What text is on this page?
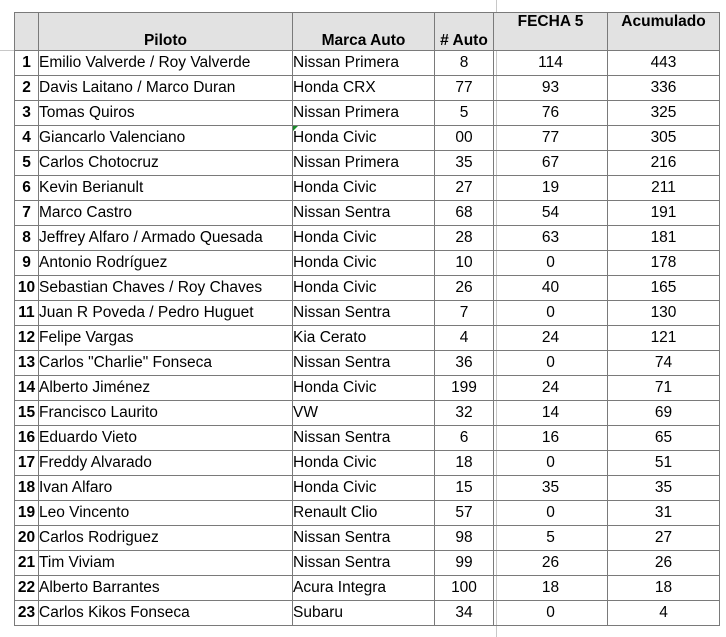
	Piloto	Marca Auto	# Auto	FECHA 5	Acumulado
1	Emilio Valverde / Roy Valverde	Nissan Primera	8	114	443
2	Davis Laitano / Marco Duran	Honda CRX	77	93	336
3	Tomas Quiros	Nissan Primera	5	76	325
4	Giancarlo Valenciano	Honda Civic	00	77	305
5	Carlos Chotocruz	Nissan Primera	35	67	216
6	Kevin Berianult	Honda Civic	27	19	211
7	Marco Castro	Nissan Sentra	68	54	191
8	Jeffrey Alfaro / Armado Quesada	Honda Civic	28	63	181
9	Antonio Rodríguez	Honda Civic	10	0	178
10	Sebastian Chaves / Roy Chaves	Honda Civic	26	40	165
11	Juan R Poveda / Pedro Huguet	Nissan Sentra	7	0	130
12	Felipe Vargas	Kia Cerato	4	24	121
13	Carlos "Charlie" Fonseca	Nissan Sentra	36	0	74
14	Alberto Jiménez	Honda Civic	199	24	71
15	Francisco Laurito	VW	32	14	69
16	Eduardo Vieto	Nissan Sentra	6	16	65
17	Freddy Alvarado	Honda Civic	18	0	51
18	Ivan Alfaro	Honda Civic	15	35	35
19	Leo Vincento	Renault Clio	57	0	31
20	Carlos Rodriguez	Nissan Sentra	98	5	27
21	Tim Viviam	Nissan Sentra	99	26	26
22	Alberto Barrantes	Acura Integra	100	18	18
23	Carlos Kikos Fonseca	Subaru	34	0	4
